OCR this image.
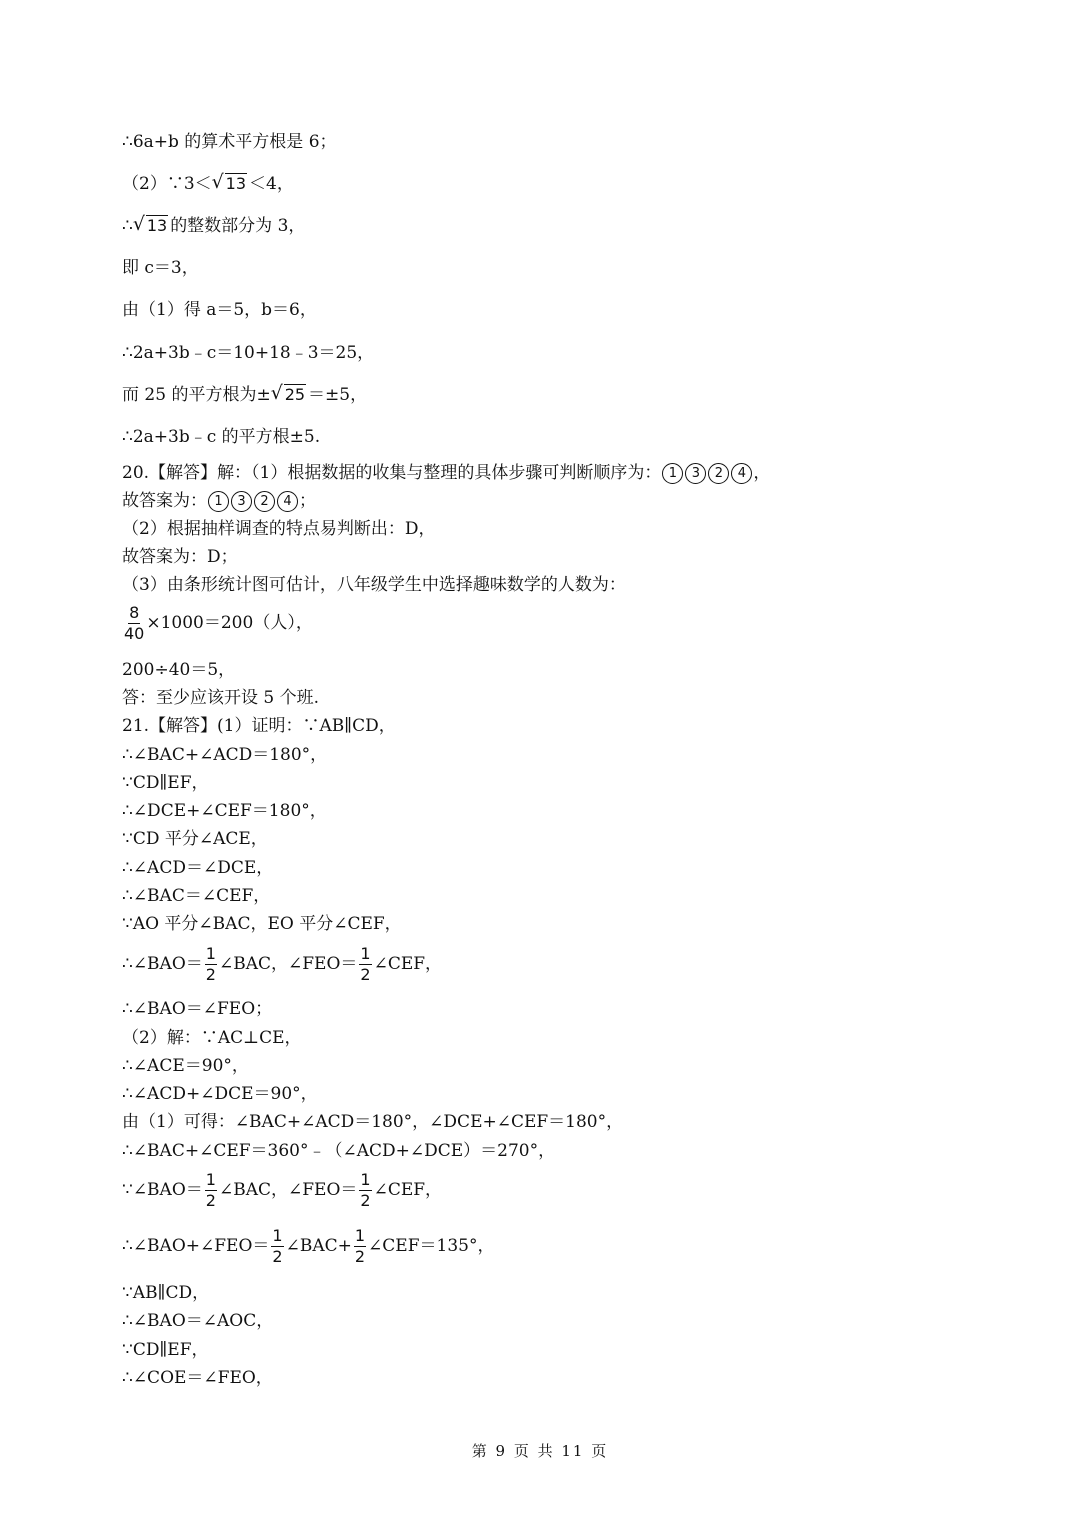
∴6a+b 的算术平方根是 6；
（2）∵3＜ √ 13 ＜4，
∴ √ 13 的整数部分为 3，
即 c＝3，
由（1）得 a＝5，b＝6，
∴2a+3b﹣c＝10+18﹣3＝25，
而 25 的平方根为± √ 25 ＝±5，
∴2a+3b﹣c 的平方根±5.
20.【解答】解：（1）根据数据的收集与整理的具体步骤可判断顺序为： 1 3 2 4 ，
故答案为： 1 3 2 4 ；
（2）根据抽样调查的特点易判断出：D，
故答案为：D；
（3）由条形统计图可估计，八年级学生中选择趣味数学的人数为：
$\frac{8}{40} \times 1000=200$（人），
200÷40＝5，
答：至少应该开设 5 个班.
21.【解答】(1）证明：∵AB∥CD，
∴∠BAC+∠ACD＝180°，
∵CD∥EF，
∴∠DCE+∠CEF＝180°，
∵CD 平分∠ACE，
∴∠ACD＝∠DCE，
∴∠BAC＝∠CEF，
∵AO 平分∠BAC，EO 平分∠CEF，
∴∠BAO＝ $\frac{1}{2}$ ∠BAC，∠FEO＝ $\frac{1}{2}$ ∠CEF，
∴∠BAO＝∠FEO；
（2）解：∵AC⊥CE，
∴∠ACE＝90°，
∴∠ACD+∠DCE＝90°，
由（1）可得：∠BAC+∠ACD＝180°，∠DCE+∠CEF＝180°，
∴∠BAC+∠CEF＝360°﹣（∠ACD+∠DCE）＝270°，
∵∠BAO＝ $\frac{1}{2}$ ∠BAC，∠FEO＝ $\frac{1}{2}$ ∠CEF，
∴∠BAO+∠FEO＝ $\frac{1}{2}$ ∠BAC+ $\frac{1}{2}$ ∠CEF＝135°，
∵AB∥CD，
∴∠BAO＝∠AOC，
∵CD∥EF，
∴∠COE＝∠FEO，
第 9 页 共 11 页
